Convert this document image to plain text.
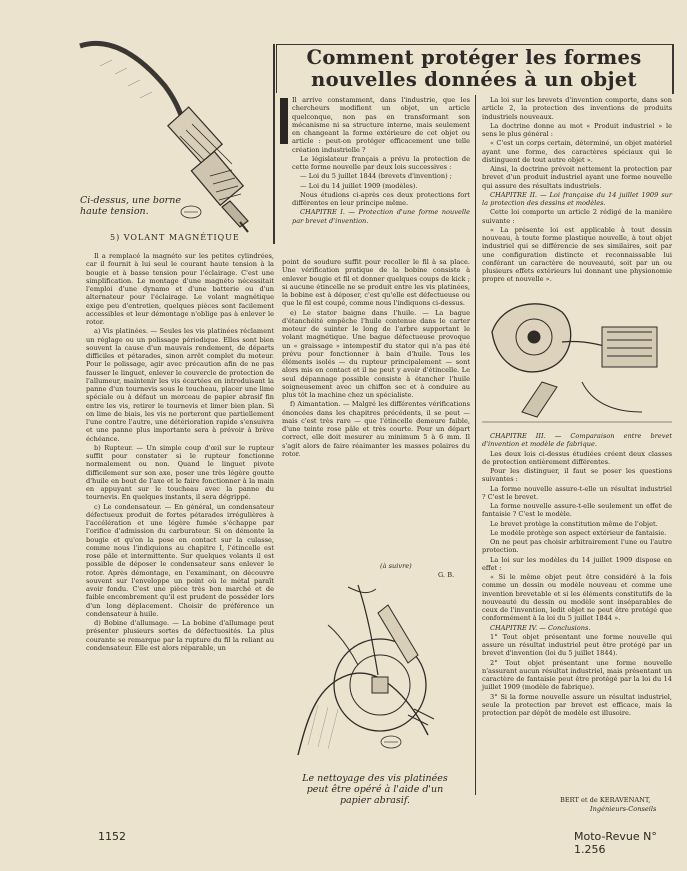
Ci-dessus, une borne haute tension.
5) VOLANT MAGNÉTIQUE
Comment protéger les formes
nouvelles données à un objet

Il arrive constamment, dans l'industrie, que les chercheurs modifient un objet, un article quelconque, non pas en transformant son mécanisme ni sa structure interne, mais seulement en changeant la forme extérieure de cet objet ou article : peut-on protéger efficacement une telle création industrielle ?

Le législateur français a prévu la protection de cette forme nouvelle par deux lois successives :

— Loi du 5 juillet 1844 (brevets d'invention) ;

— Loi du 14 juillet 1909 (modèles).

Nous étudions ci-après ces deux protections fort différentes en leur principe même.

CHAPITRE I. — Protection d'une forme nouvelle par brevet d'invention.

Il a remplacé la magnéto sur les petites cylindrées, car il fournit à lui seul le courant haute tension à la bougie et à basse tension pour l'éclairage. C'est une simplification. Le montage d'une magnéto nécessitait l'emploi d'une dynamo et d'une batterie ou d'un alternateur pour l'éclairage. Le volant magnétique exige peu d'entretien, quelques pièces sont facilement accessibles et leur démontage n'oblige pas à enlever le rotor.

a) Vis platinées. — Seules les vis platinées réclament un réglage ou un polissage périodique. Elles sont bien souvent la cause d'un mauvais rendement, de départs difficiles et pétarades, sinon arrêt complet du moteur. Pour le polissage, agir avec précaution afin de ne pas fausser le linguet, enlever le couvercle de protection de l'allumeur, maintenir les vis écartées en introduisant la panne d'un tournevis sous le toucheau, placer une lime spéciale ou à défaut un morceau de papier abrasif fin entre les vis, retirer le tournevis et limer bien plan. Si on lime de biais, les vis ne porteront que partiellement l'une contre l'autre, une détérioration rapide s'ensuivra et une panne plus importante sera à prévoir à brève échéance.

b) Rupteur. — Un simple coup d'œil sur le rupteur suffit pour constater si le rupteur fonctionne normalement ou non. Quand le linguet pivote difficilement sur son axe, poser une très légère goutte d'huile en bout de l'axe et le faire fonctionner à la main en appuyant sur le toucheau avec la panne du tournevis. En quelques instants, il sera dégrippé.

c) Le condensateur. — En général, un condensateur défectueux produit de fortes pétarades irrégulières à l'accélération et une légère fumée s'échappe par l'orifice d'admission du carburateur. Si on démonte la bougie et qu'on la pose en contact sur la culasse, comme nous l'indiquions au chapitre I, l'étincelle est rose pâle et intermittente. Sur quelques volants il est possible de déposer le condensateur sans enlever le rotor. Après démontage, en l'examinant, on découvre souvent sur l'enveloppe un point où le métal paraît avoir fondu. C'est une pièce très bon marché et de faible encombrement qu'il est prudent de posséder lors d'un long déplacement. Choisir de préférence un condensateur à huile.

d) Bobine d'allumage. — La bobine d'allumage peut présenter plusieurs sortes de défectuosités. La plus courante se remarque par la rupture du fil la reliant au condensateur. Elle est alors réparable, un

point de soudure suffit pour recoller le fil à sa place. Une vérification pratique de la bobine consiste à enlever bougie et fil et donner quelques coups de kick ; si aucune étincelle ne se produit entre les vis platinées, la bobine est à déposer, c'est qu'elle est défectueuse ou que le fil est coupé, comme nous l'indiquons ci-dessus.

e) Le stator baigne dans l'huile. — La bague d'étanchéité empêche l'huile contenue dans le carter moteur de suinter le long de l'arbre supportant le volant magnétique. Une bague défectueuse provoque un « graissage » intempestif du stator qui n'a pas été prévu pour fonctionner à bain d'huile. Tous les éléments isolés — du rupteur principalement — sont alors mis en contact et il ne peut y avoir d'étincelle. Le seul dépannage possible consiste à étancher l'huile soigneusement avec un chiffon sec et à conduire au plus tôt la machine chez un spécialiste.

f) Aimantation. — Malgré les différentes vérifications énoncées dans les chapitres précédents, il se peut — mais c'est très rare — que l'étincelle demeure faible, d'une teinte rose pâle et très courte. Pour un départ correct, elle doit mesurer au minimum 5 à 6 mm. Il s'agit alors de faire réaimanter les masses polaires du rotor.

(à suivre)
G. B.
Le nettoyage des vis platinées peut être opéré à l'aide d'un papier abrasif.

La loi sur les brevets d'invention comporte, dans son article 2, la protection des inventions de produits industriels nouveaux.

La doctrine donne au mot « Produit industriel » le sens le plus général :

« C'est un corps certain, déterminé, un objet matériel ayant une forme, des caractères spéciaux qui le distinguent de tout autre objet ».

Ainsi, la doctrine prévoit nettement la protection par brevet d'un produit industriel ayant une forme nouvelle qui assure des résultats industriels.

CHAPITRE II. — Loi française du 14 juillet 1909 sur la protection des dessins et modèles.

Cette loi comporte un article 2 rédigé de la manière suivante :

« La présente loi est applicable à tout dessin nouveau, à toute forme plastique nouvelle, à tout objet industriel qui se différencie de ses similaires, soit par une configuration distincte et reconnaissable lui conférant un caractère de nouveauté, soit par un ou plusieurs effets extérieurs lui donnant une physionomie propre et nouvelle ».

CHAPITRE III. — Comparaison entre brevet d'invention et modèle de fabrique.

Les deux lois ci-dessus étudiées créent deux classes de protection entièrement différentes.

Pour les distinguer, il faut se poser les questions suivantes :

La forme nouvelle assure-t-elle un résultat industriel ? C'est le brevet.

La forme nouvelle assure-t-elle seulement un effet de fantaisie ? C'est le modèle.

Le brevet protège la constitution même de l'objet.

Le modèle protège son aspect extérieur de fantaisie.

On ne peut pas choisir arbitrairement l'une ou l'autre protection.

La loi sur les modèles du 14 juillet 1909 dispose en effet :

« Si le même objet peut être considéré à la fois comme un dessin ou modèle nouveau et comme une invention brevetable et si les éléments constitutifs de la nouveauté du dessin ou modèle sont inséparables de ceux de l'invention, ledit objet ne peut être protégé que conformément à la loi du 5 juillet 1844 ».

CHAPITRE IV. — Conclusions.

1° Tout objet présentant une forme nouvelle qui assure un résultat industriel peut être protégé par un brevet d'invention (loi du 5 juillet 1844).

2° Tout objet présentant une forme nouvelle n'assurant aucun résultat industriel, mais présentant un caractère de fantaisie peut être protégé par la loi du 14 juillet 1909 (modèle de fabrique).

3° Si la forme nouvelle assure un résultat industriel, seule la protection par brevet est efficace, mais la protection par dépôt de modèle est illusoire.

BERT et de KERAVENANT,
Ingénieurs-Conseils
1152	Moto-Revue N° 1.256
